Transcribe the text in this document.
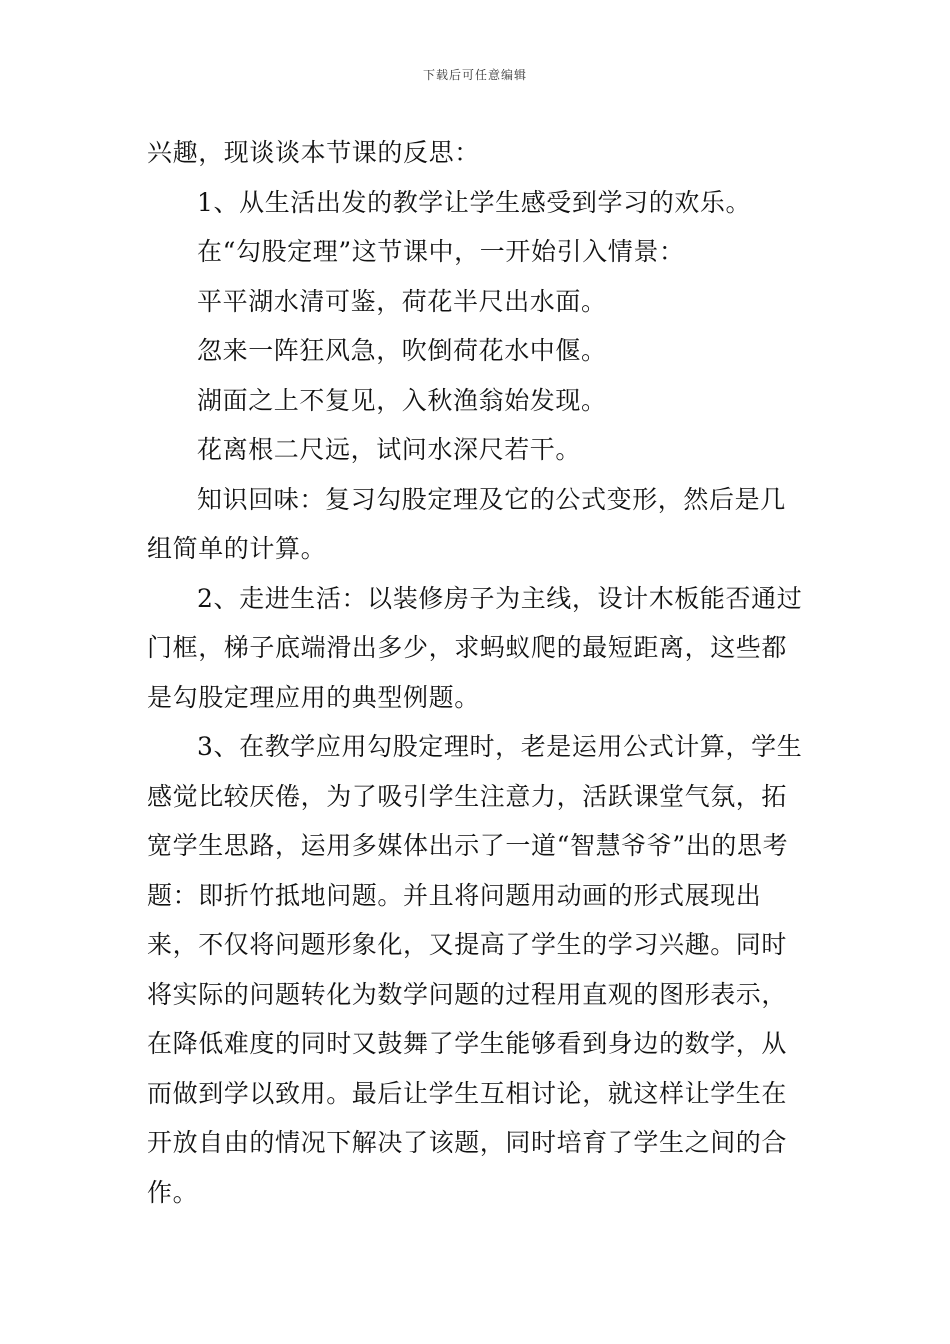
下载后可任意编辑

兴趣，现谈谈本节课的反思：

1、从生活出发的教学让学生感受到学习的欢乐。

在“勾股定理”这节课中，一开始引入情景：

平平湖水清可鉴，荷花半尺出水面。

忽来一阵狂风急，吹倒荷花水中偃。

湖面之上不复见，入秋渔翁始发现。

花离根二尺远，试问水深尺若干。

知识回味：复习勾股定理及它的公式变形，然后是几组简单的计算。

2、走进生活：以装修房子为主线，设计木板能否通过门框，梯子底端滑出多少，求蚂蚁爬的最短距离，这些都是勾股定理应用的典型例题。

3、在教学应用勾股定理时，老是运用公式计算，学生感觉比较厌倦，为了吸引学生注意力，活跃课堂气氛，拓宽学生思路，运用多媒体出示了一道“智慧爷爷”出的思考题：即折竹抵地问题。并且将问题用动画的形式展现出来，不仅将问题形象化，又提高了学生的学习兴趣。同时将实际的问题转化为数学问题的过程用直观的图形表示，在降低难度的同时又鼓舞了学生能够看到身边的数学，从而做到学以致用。最后让学生互相讨论，就这样让学生在开放自由的情况下解决了该题，同时培育了学生之间的合作。
